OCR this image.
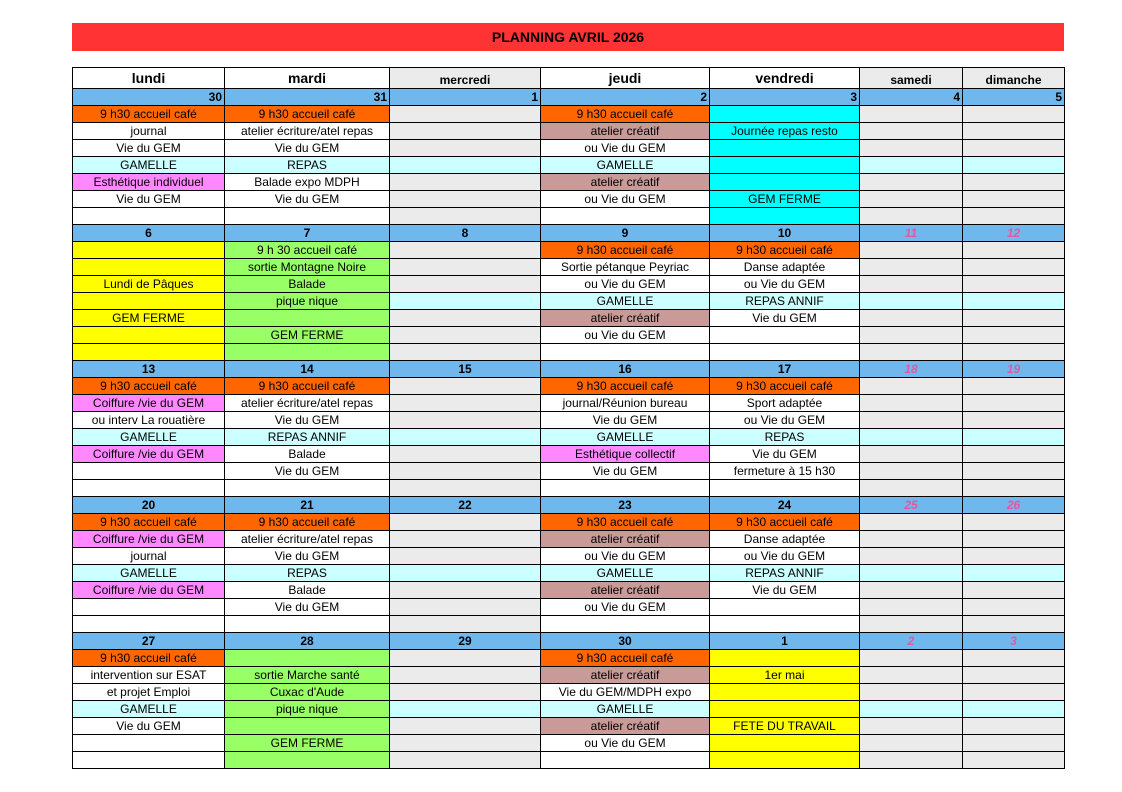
PLANNING AVRIL 2026
lundi	mardi	mercredi	jeudi	vendredi	samedi	dimanche
30	31	1	2	3	4	5
9 h30 accueil café	9 h30 accueil café		9 h30 accueil café			
journal	atelier écriture/atel repas		atelier créatif	Journée repas resto		
Vie du GEM	Vie du GEM		ou Vie du GEM			
GAMELLE	REPAS		GAMELLE			
Esthétique individuel	Balade expo MDPH		atelier créatif			
Vie du GEM	Vie du GEM		ou Vie du GEM	GEM FERME		

6	7	8	9	10	11	12
	9 h 30 accueil café		9 h30 accueil café	9 h30 accueil café		
	sortie Montagne Noire		Sortie pétanque Peyriac	Danse adaptée		
Lundi de Pâques	Balade		ou Vie du GEM	ou Vie du GEM		
	pique nique		GAMELLE	REPAS ANNIF		
GEM FERME			atelier créatif	Vie du GEM		
	GEM FERME		ou Vie du GEM			

13	14	15	16	17	18	19
9 h30 accueil café	9 h30 accueil café		9 h30 accueil café	9 h30 accueil café		
Coiffure /vie du GEM	atelier écriture/atel repas		journal/Réunion bureau	Sport adaptée		
ou interv La rouatière	Vie du GEM		Vie du GEM	ou Vie du GEM		
GAMELLE	REPAS ANNIF		GAMELLE	REPAS		
Coiffure /vie du GEM	Balade		Esthétique collectif	Vie du GEM		
	Vie du GEM		Vie du GEM	fermeture à 15 h30		

20	21	22	23	24	25	26
9 h30 accueil café	9 h30 accueil café		9 h30 accueil café	9 h30 accueil café		
Coiffure /vie du GEM	atelier écriture/atel repas		atelier créatif	Danse adaptée		
journal	Vie du GEM		ou Vie du GEM	ou Vie du GEM		
GAMELLE	REPAS		GAMELLE	REPAS ANNIF		
Coiffure /vie du GEM	Balade		atelier créatif	Vie du GEM		
	Vie du GEM		ou Vie du GEM			

27	28	29	30	1	2	3
9 h30 accueil café			9 h30 accueil café			
intervention sur ESAT	sortie Marche santé		atelier créatif	1er mai		
et projet Emploi	Cuxac d'Aude		Vie du GEM/MDPH expo			
GAMELLE	pique nique		GAMELLE			
Vie du GEM			atelier créatif	FETE DU TRAVAIL		
	GEM FERME		ou Vie du GEM			
